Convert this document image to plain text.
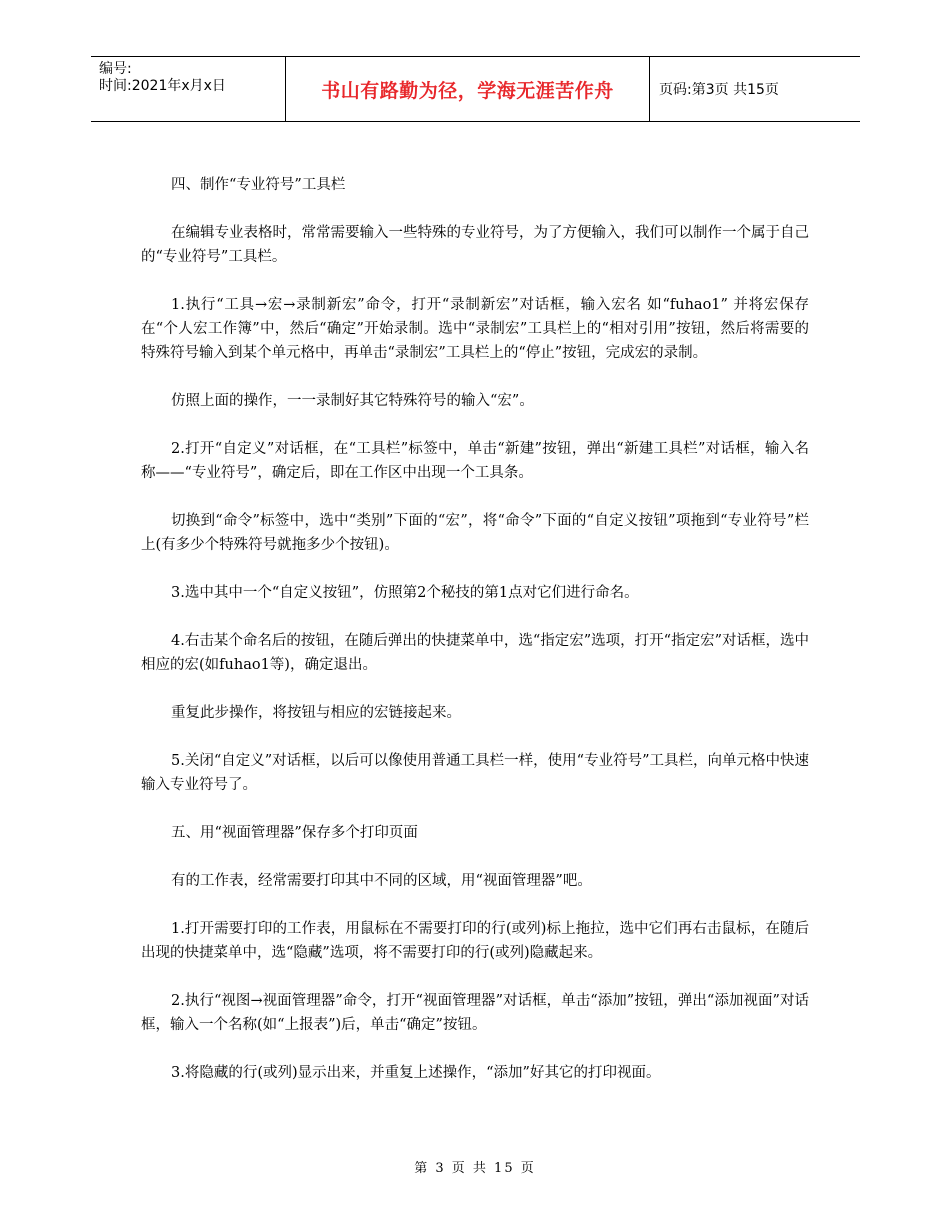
编号:
时间:2021年x月x日	书山有路勤为径，学海无涯苦作舟	页码:第3页 共15页

四、制作“专业符号”工具栏

在编辑专业表格时，常常需要输入一些特殊的专业符号，为了方便输入，我们可以制作一个属于自己的“专业符号”工具栏。

1.执行“工具→宏→录制新宏”命令，打开“录制新宏”对话框，输入宏名 如“fuhao1” 并将宏保存在“个人宏工作簿”中，然后“确定”开始录制。选中“录制宏”工具栏上的“相对引用”按钮，然后将需要的特殊符号输入到某个单元格中，再单击“录制宏”工具栏上的“停止”按钮，完成宏的录制。

仿照上面的操作，一一录制好其它特殊符号的输入“宏”。

2.打开“自定义”对话框，在“工具栏”标签中，单击“新建”按钮，弹出“新建工具栏”对话框，输入名称——“专业符号”，确定后，即在工作区中出现一个工具条。

切换到“命令”标签中，选中“类别”下面的“宏”，将“命令”下面的“自定义按钮”项拖到“专业符号”栏上(有多少个特殊符号就拖多少个按钮)。

3.选中其中一个“自定义按钮”，仿照第2个秘技的第1点对它们进行命名。

4.右击某个命名后的按钮，在随后弹出的快捷菜单中，选“指定宏”选项，打开“指定宏”对话框，选中相应的宏(如fuhao1等)，确定退出。

重复此步操作，将按钮与相应的宏链接起来。

5.关闭“自定义”对话框，以后可以像使用普通工具栏一样，使用“专业符号”工具栏，向单元格中快速输入专业符号了。

五、用“视面管理器”保存多个打印页面

有的工作表，经常需要打印其中不同的区域，用“视面管理器”吧。

1.打开需要打印的工作表，用鼠标在不需要打印的行(或列)标上拖拉，选中它们再右击鼠标，在随后出现的快捷菜单中，选“隐藏”选项，将不需要打印的行(或列)隐藏起来。

2.执行“视图→视面管理器”命令，打开“视面管理器”对话框，单击“添加”按钮，弹出“添加视面”对话框，输入一个名称(如“上报表”)后，单击“确定”按钮。

3.将隐藏的行(或列)显示出来，并重复上述操作，“添加”好其它的打印视面。

第 3 页 共 15 页
